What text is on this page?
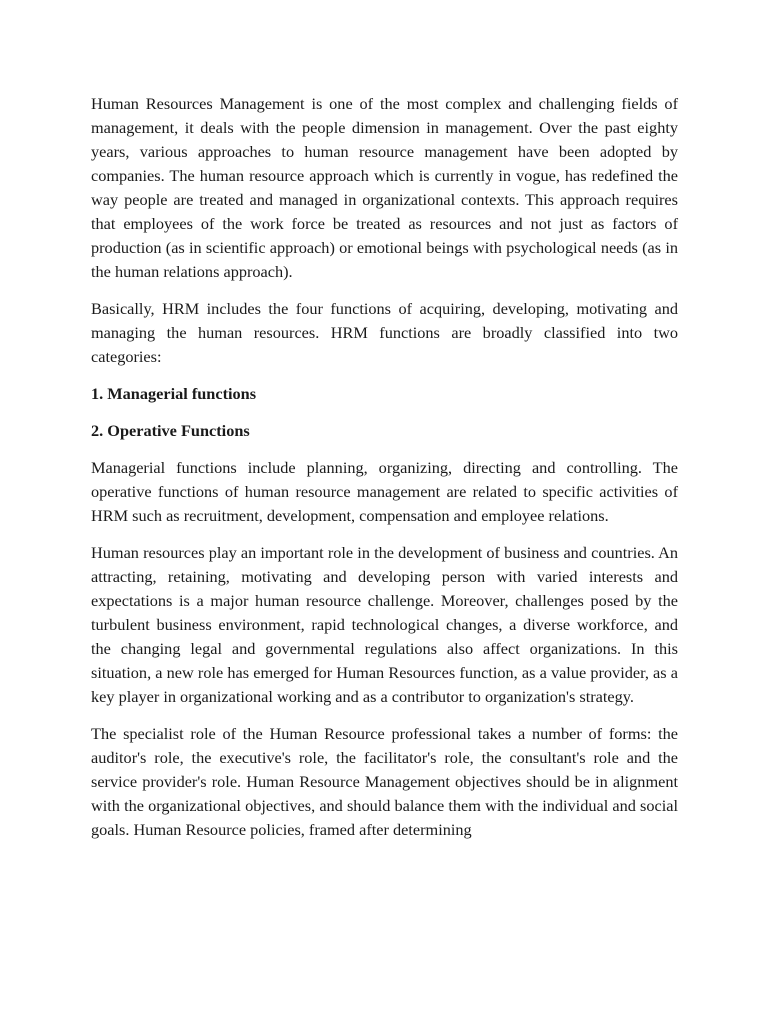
Human Resources Management is one of the most complex and challenging fields of management, it deals with the people dimension in management. Over the past eighty years, various approaches to human resource management have been adopted by companies. The human resource approach which is currently in vogue, has redefined the way people are treated and managed in organizational contexts. This approach requires that employees of the work force be treated as resources and not just as factors of production (as in scientific approach) or emotional beings with psychological needs (as in the human relations approach).

Basically, HRM includes the four functions of acquiring, developing, motivating and managing the human resources. HRM functions are broadly classified into two categories:

1. Managerial functions

2. Operative Functions

Managerial functions include planning, organizing, directing and controlling. The operative functions of human resource management are related to specific activities of HRM such as recruitment, development, compensation and employee relations.

Human resources play an important role in the development of business and countries. An attracting, retaining, motivating and developing person with varied interests and expectations is a major human resource challenge. Moreover, challenges posed by the turbulent business environment, rapid technological changes, a diverse workforce, and the changing legal and governmental regulations also affect organizations. In this situation, a new role has emerged for Human Resources function, as a value provider, as a key player in organizational working and as a contributor to organization's strategy.

The specialist role of the Human Resource professional takes a number of forms: the auditor's role, the executive's role, the facilitator's role, the consultant's role and the service provider's role. Human Resource Management objectives should be in alignment with the organizational objectives, and should balance them with the individual and social goals. Human Resource policies, framed after determining
